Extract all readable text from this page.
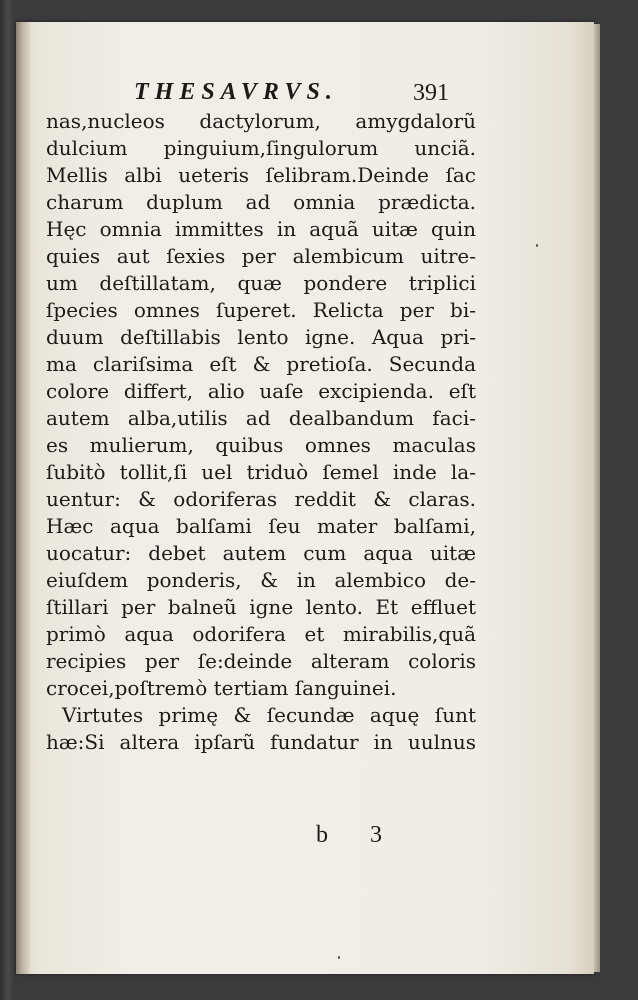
THESAVRVS.	391
nas,nucleos dactylorum, amygdalorũ
dulcium pinguium,ſingulorum unciã.
Mellis albi ueteris ſelibram.Deinde ſac
charum duplum ad omnia prædicta.
Hęc omnia immittes in aquã uitæ quin
quies aut ſexies per alembicum uitre-
um deſtillatam, quæ pondere triplici
ſpecies omnes ſuperet. Relicta per bi-
duum deſtillabis lento igne. Aqua pri-
ma clariſsima eſt & pretioſa. Secunda
colore differt, alio uaſe excipienda. eſt
autem alba,utilis ad dealbandum faci-
es mulierum, quibus omnes maculas
ſubitò tollit,ſi uel triduò ſemel inde la-
uentur: & odoriferas reddit & claras.
Hæc aqua balſami ſeu mater balſami,
uocatur: debet autem cum aqua uitæ
eiuſdem ponderis, & in alembico de-
ſtillari per balneũ igne lento. Et effluet
primò aqua odorifera et mirabilis,quã
recipies per ſe:deinde alteram coloris
crocei,poſtremò tertiam ſanguinei.
Virtutes primę & ſecundæ aquę ſunt
hæ:Si altera ipſarũ fundatur in uulnus
b 3
